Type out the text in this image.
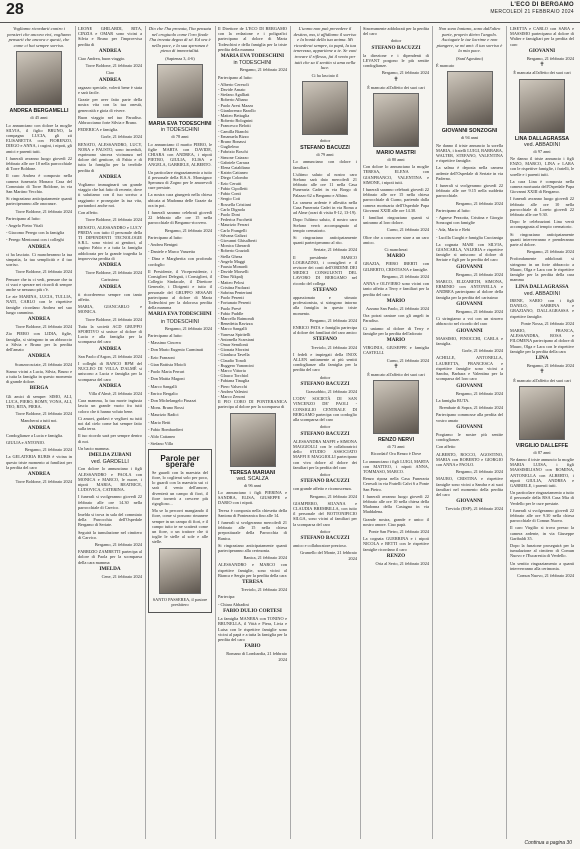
28	L'ECO DI BERGAMO
MERCOLEDÌ 21 FEBBRAIO 2024

Vogliamo ricordarti contro i pensieri che ancora vivi, vogliamo pensarti che ancora e questi, che come ci hai sempre sorriso.

ANDREA BERGAMELLI

di 45 anni

Lo annunciano con dolore la moglie SILVIA, il figlio BRUNO, la compagna LUCIA, gli zii ELISABETTA con FIORENZO, DIEGO e ANNA, i cugini, i nipoti, gli amici e parenti tutti.

I funerali avranno luogo giovedì 22 febbraio alle ore 10 nella parrocchiale di Torre Boldone.

Il caro Andrea è composto nella camera funeraria Monaco Casa del Commiato di Torre Boldone, in via San Martino Vecchio.

Si ringraziano anticipatamente quanti parteciperanno alle onoranze.

Torre Boldone, 21 febbraio 2024

Partecipano al lutto:

- Angelo Pietro Vitali

- Giacomo Perego con la famiglia

- Perego Mentoraut con i colleghi

ANDREA

ci ha lasciato. Ci mancheranno la tua simpatia, la tua semplicità e il tuo sorriso.

Torre Boldone, 21 febbraio 2024

Pensare che tu ci vedi, pensare che tu ci vuoi e sperare nei ricordi di sempre anche se nessuno più c'è.

Le zie MARINA, LUCIA, TULLIA, NATI, CARLO con le rispettive famiglie ricordano Andrea nel suo lungo cammino.

ANDREA

Torre Boldone, 21 febbraio 2024

Zio PIERO con LIDIA, figlie, famiglia, si stringono in un abbraccio a Silvia e Bruno per la perdita dell'amato

ANDREA

Scanzorosciate, 21 febbraio 2024

Siamo vicini a Lucia, Silvia, Bruno e a tutta la famiglia in questo momento di grande dolore.

BERGA

Gli amici di sempre: SIMO, ALI, LUCA, PIERO, ROMY, VONA, ALI, TEO, RITA, PIERA.

Torre Boldone, 21 febbraio 2024

Mancherai a tutti noi.

ANDREA

Condoglianze a Lucia e famiglia.

GIULIA e ANTONIO.

Bergamo, 21 febbraio 2024

La GELATERIA RUBIS è vicina in questo triste momento ai familiari per la perdita del caro

ANDREA

Torre Boldone, 21 febbraio 2024

LEONE GHILARDI, RITA, CINZIA e OMAR sono vicini a Silvia e Bruno per l'improvvisa perdita di

ANDREA

Ciao Andrea, buon viaggio.

Torre Boldone, 21 febbraio 2024

Ciao

ANDREA

ragazzo speciale, volerti bene è stata e sarà facile.

Grazie per aver fatto parte della nostra vita con la tua onestà, generosità e gioia di vivere.

Buon viaggio nel tuo Paradiso. Abbracciamo forte Silvia e Bruno.

FEDERICA e famiglia.

Gorle, 21 febbraio 2024

RENATO, ALESSANDRO, LUCY, NORA e FAUSTO, sono increduli, esprimono sincera vicinanza nel dolore del genitore, di Fabio e di tutta la famiglia per la terribile perdita di

ANDREA

Vogliamo immaginarti un grande viaggio che hai fatto di recente, dove ti salutiamo con il tuo sorriso a raggiunto e proseguire la tua vita, portandoci anche noi.

Con affetto.

Torre Boldone, 21 febbraio 2024

RENATO, ALESSANDRO e LUCY PREDA con tutto il personale della TI DIPENDENTI TECNOLOGIE S.R.L. sono vicini ai genitori, al cugino Fabio e a tutta la famiglia addolorata per la grande tragedia la improvvisa perdita di

ANDREA

Torre Boldone, 21 febbraio 2024

Carissimo

ANDREA

ti ricorderemo sempre con tanto affetto.

MARIA, GIANCARLO e MONICA.

Torre Boldone, 21 febbraio 2024

Tutta la società ACD GRUPPO SPORTIVO si unisce al dolore di Lucia e alla famiglia per la scomparsa del caro

ANDREA

San Paolo d'Argon, 21 febbraio 2024

I colleghi di BANCO BPM del NUCLEO DI VILLA D'ALMÈ si uniscono a Lucia e famiglia per la scomparsa del caro

ANDREA

Villa d'Almè, 21 febbraio 2024

Cara mamma, la tua morte ingiusta lascia un grande vuoto fra tutti coloro che ti hanno voluto bene.

Ci amavi, guidavi e vegliavi su tutti noi dal cielo come hai sempre fatto sulla terra.

Il tuo ricordo sarà per sempre dentro di noi.

Un bacio mamma.

IMELDA ZUBANI
ved. GARDELLI

Con dolore lo annunciano i figli ALESSANDRO e PAOLA con MONICA e MARCO, le nuore, i nipoti MARIA, BEATRICE, LUDOVICA, CATERINA.

I funerali si svolgeranno giovedì 22 febbraio alle ore 14.30 nella parrocchiale di Carvico.

Imelda si trova in sala del commiato della Parrocchia dell'Ospedale Bergamo di Seriate.

Seguirà la tumulazione nel cimitero di Carvico.

Bergamo, 21 febbraio 2024

FABRIZIO ZAMBETTI partecipa al dolore di Paola per la scomparsa della cara mamma

IMELDA

Cene, 21 febbraio 2024

Dio che l'ha provata, l'ha pensata nel crogiuolo come l'oro finale l'ha trovata degna di sé. Ed ora è nella pace, e la sua speranza è piena di immortalità.

(Sapienza 3, 4-6)

MARIA EVA TODESCHINI
in TODESCHINI

di 78 anni

Lo annunciano il marito PIERO, le figlie MARTA con DAVIDE, CHIARA con ANDREA, i nipoti PIETRO, GIULIA, ELISA e ANGELA, GABRIELE, ALBERTO.

Un particolare ringraziamento a tutto il personale della R.S.A. Monsignor Speranza di Zogno per le amorevoli cure prestate.

La nostra cara giungerà nella chiesa ubicata ai Madonna delle Grazie da ora in poi.

I funerali saranno celebrati giovedì 22 febbraio alle ore 15 nella parrocchiale di Bergamo-ricovero.

Bergamo, 21 febbraio 2024

Partecipano al lutto:

- Andrea Benigni

- Daniele e Marco Vanzetta

- Dina e Margherita con profondo cordoglio

Il Presidente, il Vicepresidente, i Consiglieri Delegati, i Consiglieri, il Collegio Sindacale, il Direttore Generale, i Dirigenti e tutto il personale del GRUPPO SESAAB partecipano al dolore di Marta Todeschini per la dolorosa perdita della mamma

MARIA EVA TODESCHINI
in TODESCHINI

Bergamo, 21 febbraio 2024

Partecipano al lutto:

- Massimo Cincera

- Don Mario Eugenio Carminati

- Ezio Franzoni

- Gian Battista Moioli

- Paolo Maria Ferrari

- Don Mattia Magoni

- Marco Sangalli

- Enrico Bergalio

- Don Michelangelo Finazzi

- Mons. Bruno Rossi

- Maurizio Radici

- Mario Betti

- Fabio Bombardieri

- Aldo Cattaneo

- Stefano Villa

Parole per sperare

Se guardi con la maestria del fiore, lo coglierai solo per poco, lo guardi con la maestria sui ci sarà il vento dell'amore, diventerà un campo di fiori, il fiore tornerà a crescere più rigoglioso...

Ma se la percorri mangiando il fiore, come si possono rimanere sempre in un campo di fiori, e il campo tutto te ne scatterà come un fiore, o un trattore che ti toglie le stelle al sole e alle stelle.

SANTO PASSEREA, il pastore presbitero

Il Direttore de L'ECO DI BERGAMO con la redazione e i poligrafici partecipano al dolore di Marta Todeschini e della famiglia per la triste perdita della mamma

MARIA EVA TODESCHINI
in TODESCHINI

Bergamo, 21 febbraio 2024

Partecipano al lutto:

- Alberto Ceresoli

- Davide Amato

- Stefano Agalliati

- Roberto Albano

- Paolo Aresi Mazza

- Gianlorenzo Barollo

- Matteo Bettaglia

- Roberto Bolognini

- Francesco Belotti

- Camilla Bianchi

- Emanuela Bizzo

- Bruno Bonassi

- Guglielmo

- Fabrizio Boschi

- Simone Caiazzo

- Gabriele Carrara

- Elena Cataldiano

- Katrin Cattaneo

- Diego Colombo

- Ezio Cerutti

- Fabio Cipolletti

- Fabio Conti

- Sergio Coti

- Rossella Cristiani

- Carlo Dignola

- Paolo Doni

- Federica Facchetti

- Maurizio Ferrari

- Carlo Frangelli

- Silvana Galizzi

- Giovanni Ghisalberti

- Monica Gherardi

- Roberto Graziolì

- Stella Gheza

- Angelo Maggi

- Fausta Monardi

- Davide Morselli

- Dino Nikpalj

- Matteo Pelosi

- Cristina Paolazzi

- Sabrina Penteriani

- Paolo Pesenti

- Fortunato Pesenti

- Paolo Prevè

- Fabio Puddle

- Marcello Raimondi

- Benedetta Ravizza

- Marco Sangalli

- Vanessa Spiritelli

- Antonella Scarsiani

- Omar Semilonti

- Gionata Sforzini

- Gianluca Tavella

- Claudio Tonoli

- Ruggero Vanoncini

- Marco Vittoria

- Glauco Torchiol

- Fabiana Tinaglia

- Piero Valsecchi

- Andrea Valesini

- Marco Zenoni

Il PIO CORO DI PONTERANICA partecipa al dolore per la scomparsa di

TERESA MARIANI
ved. SCALZA

di 96 anni

Lo annunciano i figli PIERINA e SANDRA, ELISA, GIUSEPPE e DARIO con i nipoti.

Teresa è composta nella chiesetta della Santona di Ponteranica fino alle 14.

I funerali si svolgeranno mercoledì 21 febbraio alle 15 nella chiesa prepositurale della Parrocchia di Ranica.

Si ringraziano anticipatamente quanti parteciperanno alla cerimonia.

Ranica, 21 febbraio 2024

ALESSANDRO e MARCO con rispettive famiglie, sono vicini al Bianca e Sergio per la perdita della cara

TERESA

Treviolo, 21 febbraio 2024

Partecipa:

- Chiara Abbadini

FABIO DULIO CORTESI

La famiglia MANERA con TONINO e BRUNELLA, il Vittà e Piera, Livia e Luisa con le rispettive famiglie sono vicini al papà e a tutta la famiglia per la perdita del caro

FABIO

Romano di Lombardia, 21 febbraio 2024

L'uomo non può prevedere il destino, ma, ti affidiamo il sorriso e la bontà della tua anima. Mi ricorderai sempre, tu papà, la tua tenerezza, appartiene a te. Se vuoi trovare il riflesso, fai il vento per tutti che sa il sentito si ama nella luce.

Ci ha lasciato il

dottor

STEFANO BACUZZI

di 79 anni

Lo annunciano con dolore i familiari.

L'ultimo saluto al nostro caro Stefano sarà dato mercoledì 21 febbraio alle ore 11 nella Casa Funeraria Cadei in via Borgo di Palazzo 62 a Bergamo e Albino.

La camera ardente è allestita nella Casa Funeraria Cadei in via Roma a ad Alme (orari di visita 8-12, 13-19).

Dopo l'ultimo saluto, il nostro caro Stefano verrà accompagnato al tempio crematorio.

Si ringraziano anticipatamente quanti parteciperanno al rito.

Seriate, 21 febbraio 2024

Il presidente MARCO LOGRAZINO, i consiglieri e il revisore dei conti dell'ORDINE DEI MEDICI CONSULENTI DEL LAVORO DI BERGAMO nel ricordo del collega

STEFANO

appassionato e stimato professionista, si stringono intorno alla famiglia in questo triste momento.

Bergamo, 21 febbraio 2024

ENRICO PATA e famiglia partecipa al dolore dei familiari del caro amico

STEFANO

Treviolo, 21 febbraio 2024

I fedeli e impiegati della INOX ALLEN unitamente ai più sentiti condoglianze alla famiglia per la perdita del caro

dottor

STEFANO BACUZZI

Grassobbio, 21 febbraio 2024

L'ODV SOCIETÀ DI SAN VINCENZO DE' PAOLI - CONSIGLIO CENTRALE DI BERGAMO partecipa con cordoglio alla scomparsa del caro

dottor

STEFANO BACUZZI

ALESSANDRA MAFFI e SIMONA MAGGIOLLI con le collaboratrici dello STUDIO ASSOCIATO MAFFI E MAGGIOLLI partecipano con viva dolore al dolore dei familiari per la perdita del caro

dottor

STEFANO BACUZZI

con grande affetto e riconoscenza.

Bergamo, 21 febbraio 2024

GIAMPIERO, SILVANA e CLAUDIA BREMBILLA, con tutto il personale del BOTTONIFICIO SILGA, sono vicini al familiari per la scomparsa del caro

dottor

STEFANO BACUZZI

amico e collaboratore prezioso.

Grumello del Monte, 21 febbraio 2024

Sinceramente addolorati per la perdita del caro

dottor

STEFANO BACUZZI

la direzione e i dipendenti di LEVANT porgono le più sentite condoglianze.

Bergamo, 21 febbraio 2024

✝

È mancato all'affetto dei suoi cari

MARIO MASTRI

di 80 anni

Con dolore lo annunciano la moglie TERESA, ELENA con GIANFRANCO, VALENTINA e SIMONE, i nipoti tutti.

I funerali saranno celebrati giovedì 22 febbraio alle ore 15 nella chiesa parrocchiale di Curno, partendo dalla camera mortuaria dell'Ospedale Papa Giovanni XXIII alle ore 14.30.

I familiari ringraziano quanti si uniranno al loro dolore.

Curno, 21 febbraio 2024

Oltre che a conoscere stare a un caro amico.

Ci mancherai

MARIO

GRAZIA, PIERO IBERTI con GILBERTO, CRISTIANA e famiglie.

Bergamo, 21 febbraio 2024

ANNA e OLIVIERO sono vicini con tanto affetto a Terry e familiari per la perdita del caro

MARIO

Azzano San Paolo, 21 febbraio 2024

Ora potrai cantare con gli angeli in Paradiso.

Ci uniamo al dolore di Terry e famiglie per la perdita dell'adorato

MARIO

VIRGINIA, GIUSEPPE e famiglia CASTELLI.

Curno, 21 febbraio 2024

✝

È mancato all'affetto dei suoi cari

RENZO NERVI

di 73 anni

Ricordati! Ora Renzo è Dove

Lo annunciano i figli LUIGI, MARTA con MATTEO, i nipoti ANNA, TOMMASO, MARCO.

Renzo riposa nella Casa Funeraria Ceresoli in via Fratelli Calvi 6 a Ponte San Pietro.

I funerali avranno luogo giovedì 22 febbraio alle ore 10 nella chiesa della Madonna della Castagna in via Maddalena.

Grande nostra, grande e unico il nostro amore. Ciao papà.

Ponte San Pietro, 21 febbraio 2024

La cognata GUERRINA e i nipoti NICOLA e BETTI con le rispettive famiglie ricordano il caro

RENZO

Oria al Serio, 21 febbraio 2024

Non sono lontano, sono dall'altro parte, proprio dietro l'angolo. Asciugate le tue lacrime e non piangere, se mi ami: il tuo sorriso è la mia pace.

(Sant'Agostino)

È mancato

GIOVANNI SONZOGNI

di 94 anni

Ne danno il triste annuncio la sorella MARIA, i fratelli LUIGI, BARBARA, WALTER, STEFANO, VALENTINA e rispettive famiglie.

La salma è deposta nella camera ardente dell'Ospedale di Seriate in via Paderno.

I funerali si svolgeranno giovedì 22 febbraio alle ore 9.15 nella suddetta parrocchiale.

Bergamo, 21 febbraio 2024

Partecipano al lutto:

- Agnese Pezzotta, Cristina e Giorgio Sonzogni con famiglie

- Ada, Mario e Rebi

- Lucilla Cuoghi e famiglia Caccianiga

La cognata MARI con SILVIA, GIANCARLA, VALERIA e rispettive famiglie si uniscono al dolore di Seriate e figli per la perdita del caro

GIOVANNI

Bergamo, 21 febbraio 2024

MARCO, ELIZABETH, SIMONA, ERMINIO con ANTONELLA e ANDREA partecipano al dolore della famiglia per la perdita del carissimo

GIOVANNI

Bergamo, 21 febbraio 2024

Ci stringiamo a voi con un sincero abbraccio nel ricordo del caro

GIOVANNI

MASSIMO, FINOCCHI, CARLA e famiglia.

Gorle, 21 febbraio 2024

ACHILLE, ANTONELLA, LAURETTA, FRANCESCA e rispettive famiglie sono vicini a Sandra, Barbara e Valentina per la scomparsa del loro caro

GIOVANNI

Bergamo, 21 febbraio 2024

La famiglia RUTA.

Brembate di Sopra, 21 febbraio 2024

Partecipano commosse alla perdita del vostro amato

GIOVANNI

Porgiamo le nostre più sentite condoglianze.

Con affetto

ALBERTO, ROCCO, AGOSTINO, MARIA con ROBERTO e GIORGIO con ANNA e PAOLO.

Bergamo, 21 febbraio 2024

MAURO, CRISTINA e rispettive famiglie sono vicini a Sandra e ai suoi familiari nel momento della perdita del caro

GIOVANNI

Treviolo (ESP), 21 febbraio 2024

LISETTA e CARLO con SARA e MASSIMO partecipano al dolore di Walter e famigliari per la perdita del caro

GIOVANNI

Bergamo, 21 febbraio 2024

✝

È mancata all'affetto dei suoi cari

LINA DALLAGRASSA
ved. ABBADINI

di 97 anni

Ne danno il triste annuncio i figli ENZO, MARCO, LINA e LARA con le rispettive famiglie, i fratelli, le sorelle e i parenti tutti.

La cara Lina è composta nella camera mortuaria dell'Ospedale Papa Giovanni XXIII di Bergamo.

I funerali avranno luogo giovedì 22 febbraio alle ore 10 nella parrocchiale di Loreto giovedì 22 febbraio alle ore 9.30.

Dopo le celebrazioni Lina verrà accompagnata al tempio crematorio.

Si ringraziano anticipatamente quanti interverranno e prenderanno parte al dolore.

Bergamo, 21 febbraio 2024

Profondamente addolorati si stringono in un forte abbraccio a Mauro, Olga e Lara con le rispettive famiglie per la perdita della cara mamma

LINA DALLAGRASSA
ved. ABBADINI

IRENE, SARIO con i figli DANILO, SABRINA e GRAZIANO, DALLAGRASSA e rispettive famiglie.

Ponte Nossa, 21 febbraio 2024

MARIO, FRANCA, ALESSANDRA, ROSA e FILOMENA partecipano al dolore di Mauro, Olga e Lara con le rispettive famiglie per la perdita della cara

LINA

Bergamo, 21 febbraio 2024

✝

È mancato all'affetto dei suoi cari

VIRGILIO DALLEFFE

di 87 anni

Ne danno il triste annuncio la moglie MARIA LUISA, i figli MASSIMILIANO con ROMINA, ANTONELLA con ALBERTO, i nipoti GIULIA, ANDREA e GABRIELE, i parenti tutti.

Un particolare ringraziamento a tutto il personale della RSA Casa Mia di Verdello per le cure prestate.

I funerali si svolgeranno giovedì 22 febbraio alle ore 9.30 nella chiesa parrocchiale di Comun Nuovo.

Il caro Virgilio si trova presso la camera ardente, in via Giuseppe Garibaldi 35.

Dopo la funzione proseguirà per la tumulazione al cimitero di Comun Nuovo e l'Eucarestia di Verdello.

Un sentito ringraziamento a quanti interverranno alla cerimonia.

Comun Nuovo, 21 febbraio 2024

Continua a pagina 30
